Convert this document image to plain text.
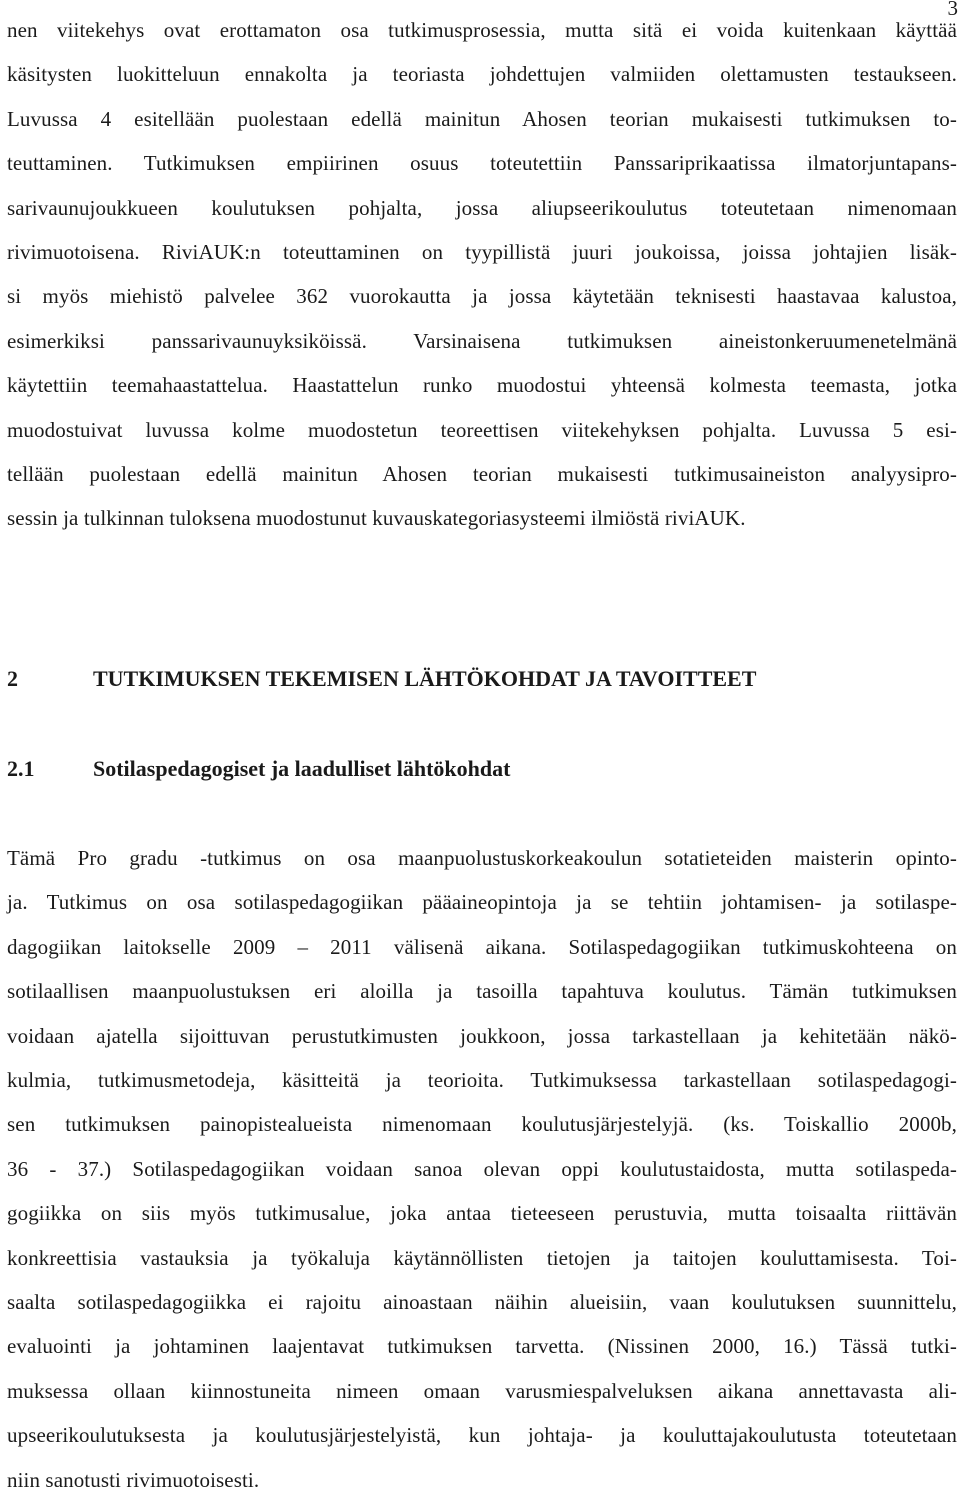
3
nen viitekehys ovat erottamaton osa tutkimusprosessia, mutta sitä ei voida kuitenkaan käyttää
käsitysten luokitteluun ennakolta ja teoriasta johdettujen valmiiden olettamusten testaukseen.
Luvussa 4 esitellään puolestaan edellä mainitun Ahosen teorian mukaisesti tutkimuksen to-
teuttaminen. Tutkimuksen empiirinen osuus toteutettiin Panssariprikaatissa ilmatorjuntapans-
sarivaunujoukkueen koulutuksen pohjalta, jossa aliupseerikoulutus toteutetaan nimenomaan
rivimuotoisena. RiviAUK:n toteuttaminen on tyypillistä juuri joukoissa, joissa johtajien lisäk-
si myös miehistö palvelee 362 vuorokautta ja jossa käytetään teknisesti haastavaa kalustoa,
esimerkiksi panssarivaunuyksiköissä. Varsinaisena tutkimuksen aineistonkeruumenetelmänä
käytettiin teemahaastattelua. Haastattelun runko muodostui yhteensä kolmesta teemasta, jotka
muodostuivat luvussa kolme muodostetun teoreettisen viitekehyksen pohjalta. Luvussa 5 esi-
tellään puolestaan edellä mainitun Ahosen teorian mukaisesti tutkimusaineiston analyysipro-
sessin ja tulkinnan tuloksena muodostunut kuvauskategoriasysteemi ilmiöstä riviAUK.
2	TUTKIMUKSEN TEKEMISEN LÄHTÖKOHDAT JA TAVOITTEET
2.1	Sotilaspedagogiset ja laadulliset lähtökohdat
Tämä Pro gradu -tutkimus on osa maanpuolustuskorkeakoulun sotatieteiden maisterin opinto-
ja. Tutkimus on osa sotilaspedagogiikan pääaineopintoja ja se tehtiin johtamisen- ja sotilaspe-
dagogiikan laitokselle 2009 – 2011 välisenä aikana. Sotilaspedagogiikan tutkimuskohteena on
sotilaallisen maanpuolustuksen eri aloilla ja tasoilla tapahtuva koulutus. Tämän tutkimuksen
voidaan ajatella sijoittuvan perustutkimusten joukkoon, jossa tarkastellaan ja kehitetään näkö-
kulmia, tutkimusmetodeja, käsitteitä ja teorioita. Tutkimuksessa tarkastellaan sotilaspedagogi-
sen tutkimuksen painopistealueista nimenomaan koulutusjärjestelyjä. (ks. Toiskallio 2000b,
36 - 37.) Sotilaspedagogiikan voidaan sanoa olevan oppi koulutustaidosta, mutta sotilaspeda-
gogiikka on siis myös tutkimusalue, joka antaa tieteeseen perustuvia, mutta toisaalta riittävän
konkreettisia vastauksia ja työkaluja käytännöllisten tietojen ja taitojen kouluttamisesta. Toi-
saalta sotilaspedagogiikka ei rajoitu ainoastaan näihin alueisiin, vaan koulutuksen suunnittelu,
evaluointi ja johtaminen laajentavat tutkimuksen tarvetta. (Nissinen 2000, 16.) Tässä tutki-
muksessa ollaan kiinnostuneita nimeen omaan varusmiespalveluksen aikana annettavasta ali-
upseerikoulutuksesta ja koulutusjärjestelyistä, kun johtaja- ja kouluttajakoulutusta toteutetaan
niin sanotusti rivimuotoisesti.
